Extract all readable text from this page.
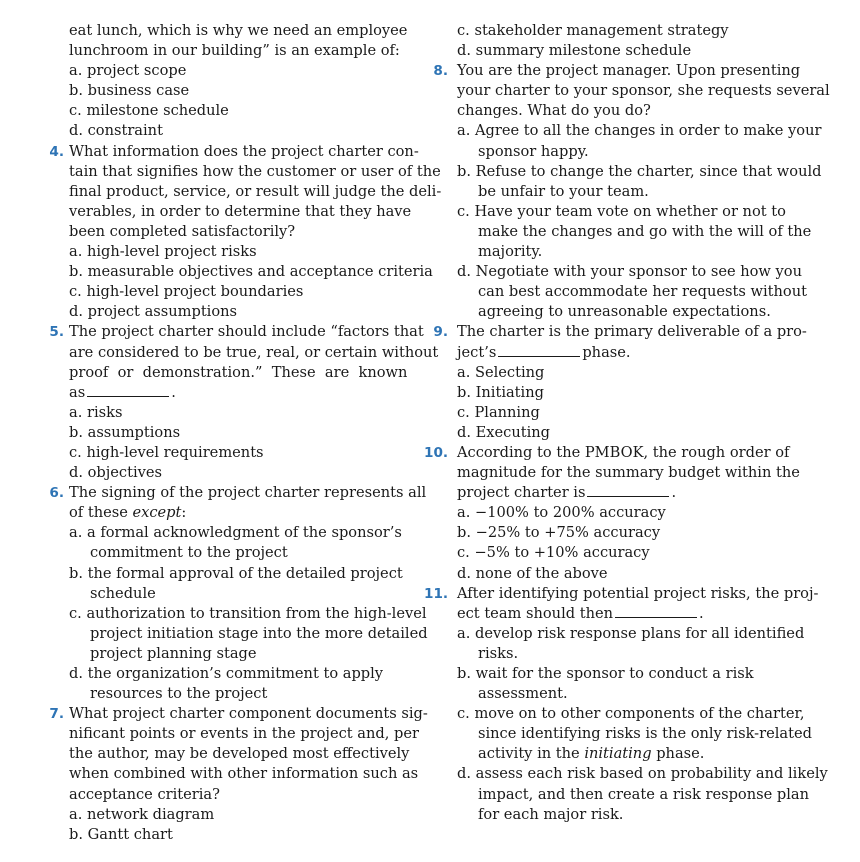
eat lunch, which is why we need an employee
lunchroom in our building” is an example of:
a. project scope
b. business case
c. milestone schedule
d. constraint
4. What information does the project charter con-
tain that signifies how the customer or user of the
final product, service, or result will judge the deli-
verables, in order to determine that they have
been completed satisfactorily?
a. high-level project risks
b. measurable objectives and acceptance criteria
c. high-level project boundaries
d. project assumptions
5. The project charter should include “factors that
are considered to be true, real, or certain without
proof  or  demonstration.”  These  are  known
as	.
a. risks
b. assumptions
c. high-level requirements
d. objectives
6. The signing of the project charter represents all
of these except:
a. a formal acknowledgment of the sponsor’s
commitment to the project
b. the formal approval of the detailed project
schedule
c. authorization to transition from the high-level
project initiation stage into the more detailed
project planning stage
d. the organization’s commitment to apply
resources to the project
7. What project charter component documents sig-
nificant points or events in the project and, per
the author, may be developed most effectively
when combined with other information such as
acceptance criteria?
a. network diagram
b. Gantt chart
c. stakeholder management strategy
d. summary milestone schedule
8. You are the project manager. Upon presenting
your charter to your sponsor, she requests several
changes. What do you do?
a. Agree to all the changes in order to make your
sponsor happy.
b. Refuse to change the charter, since that would
be unfair to your team.
c. Have your team vote on whether or not to
make the changes and go with the will of the
majority.
d. Negotiate with your sponsor to see how you
can best accommodate her requests without
agreeing to unreasonable expectations.
9. The charter is the primary deliverable of a pro-
ject’s	phase.
a. Selecting
b. Initiating
c. Planning
d. Executing
10. According to the PMBOK, the rough order of
magnitude for the summary budget within the
project charter is	.
a. −100% to 200% accuracy
b. −25% to +75% accuracy
c. −5% to +10% accuracy
d. none of the above
11. After identifying potential project risks, the proj-
ect team should then	.
a. develop risk response plans for all identified
risks.
b. wait for the sponsor to conduct a risk
assessment.
c. move on to other components of the charter,
since identifying risks is the only risk-related
activity in the initiating phase.
d. assess each risk based on probability and likely
impact, and then create a risk response plan
for each major risk.
